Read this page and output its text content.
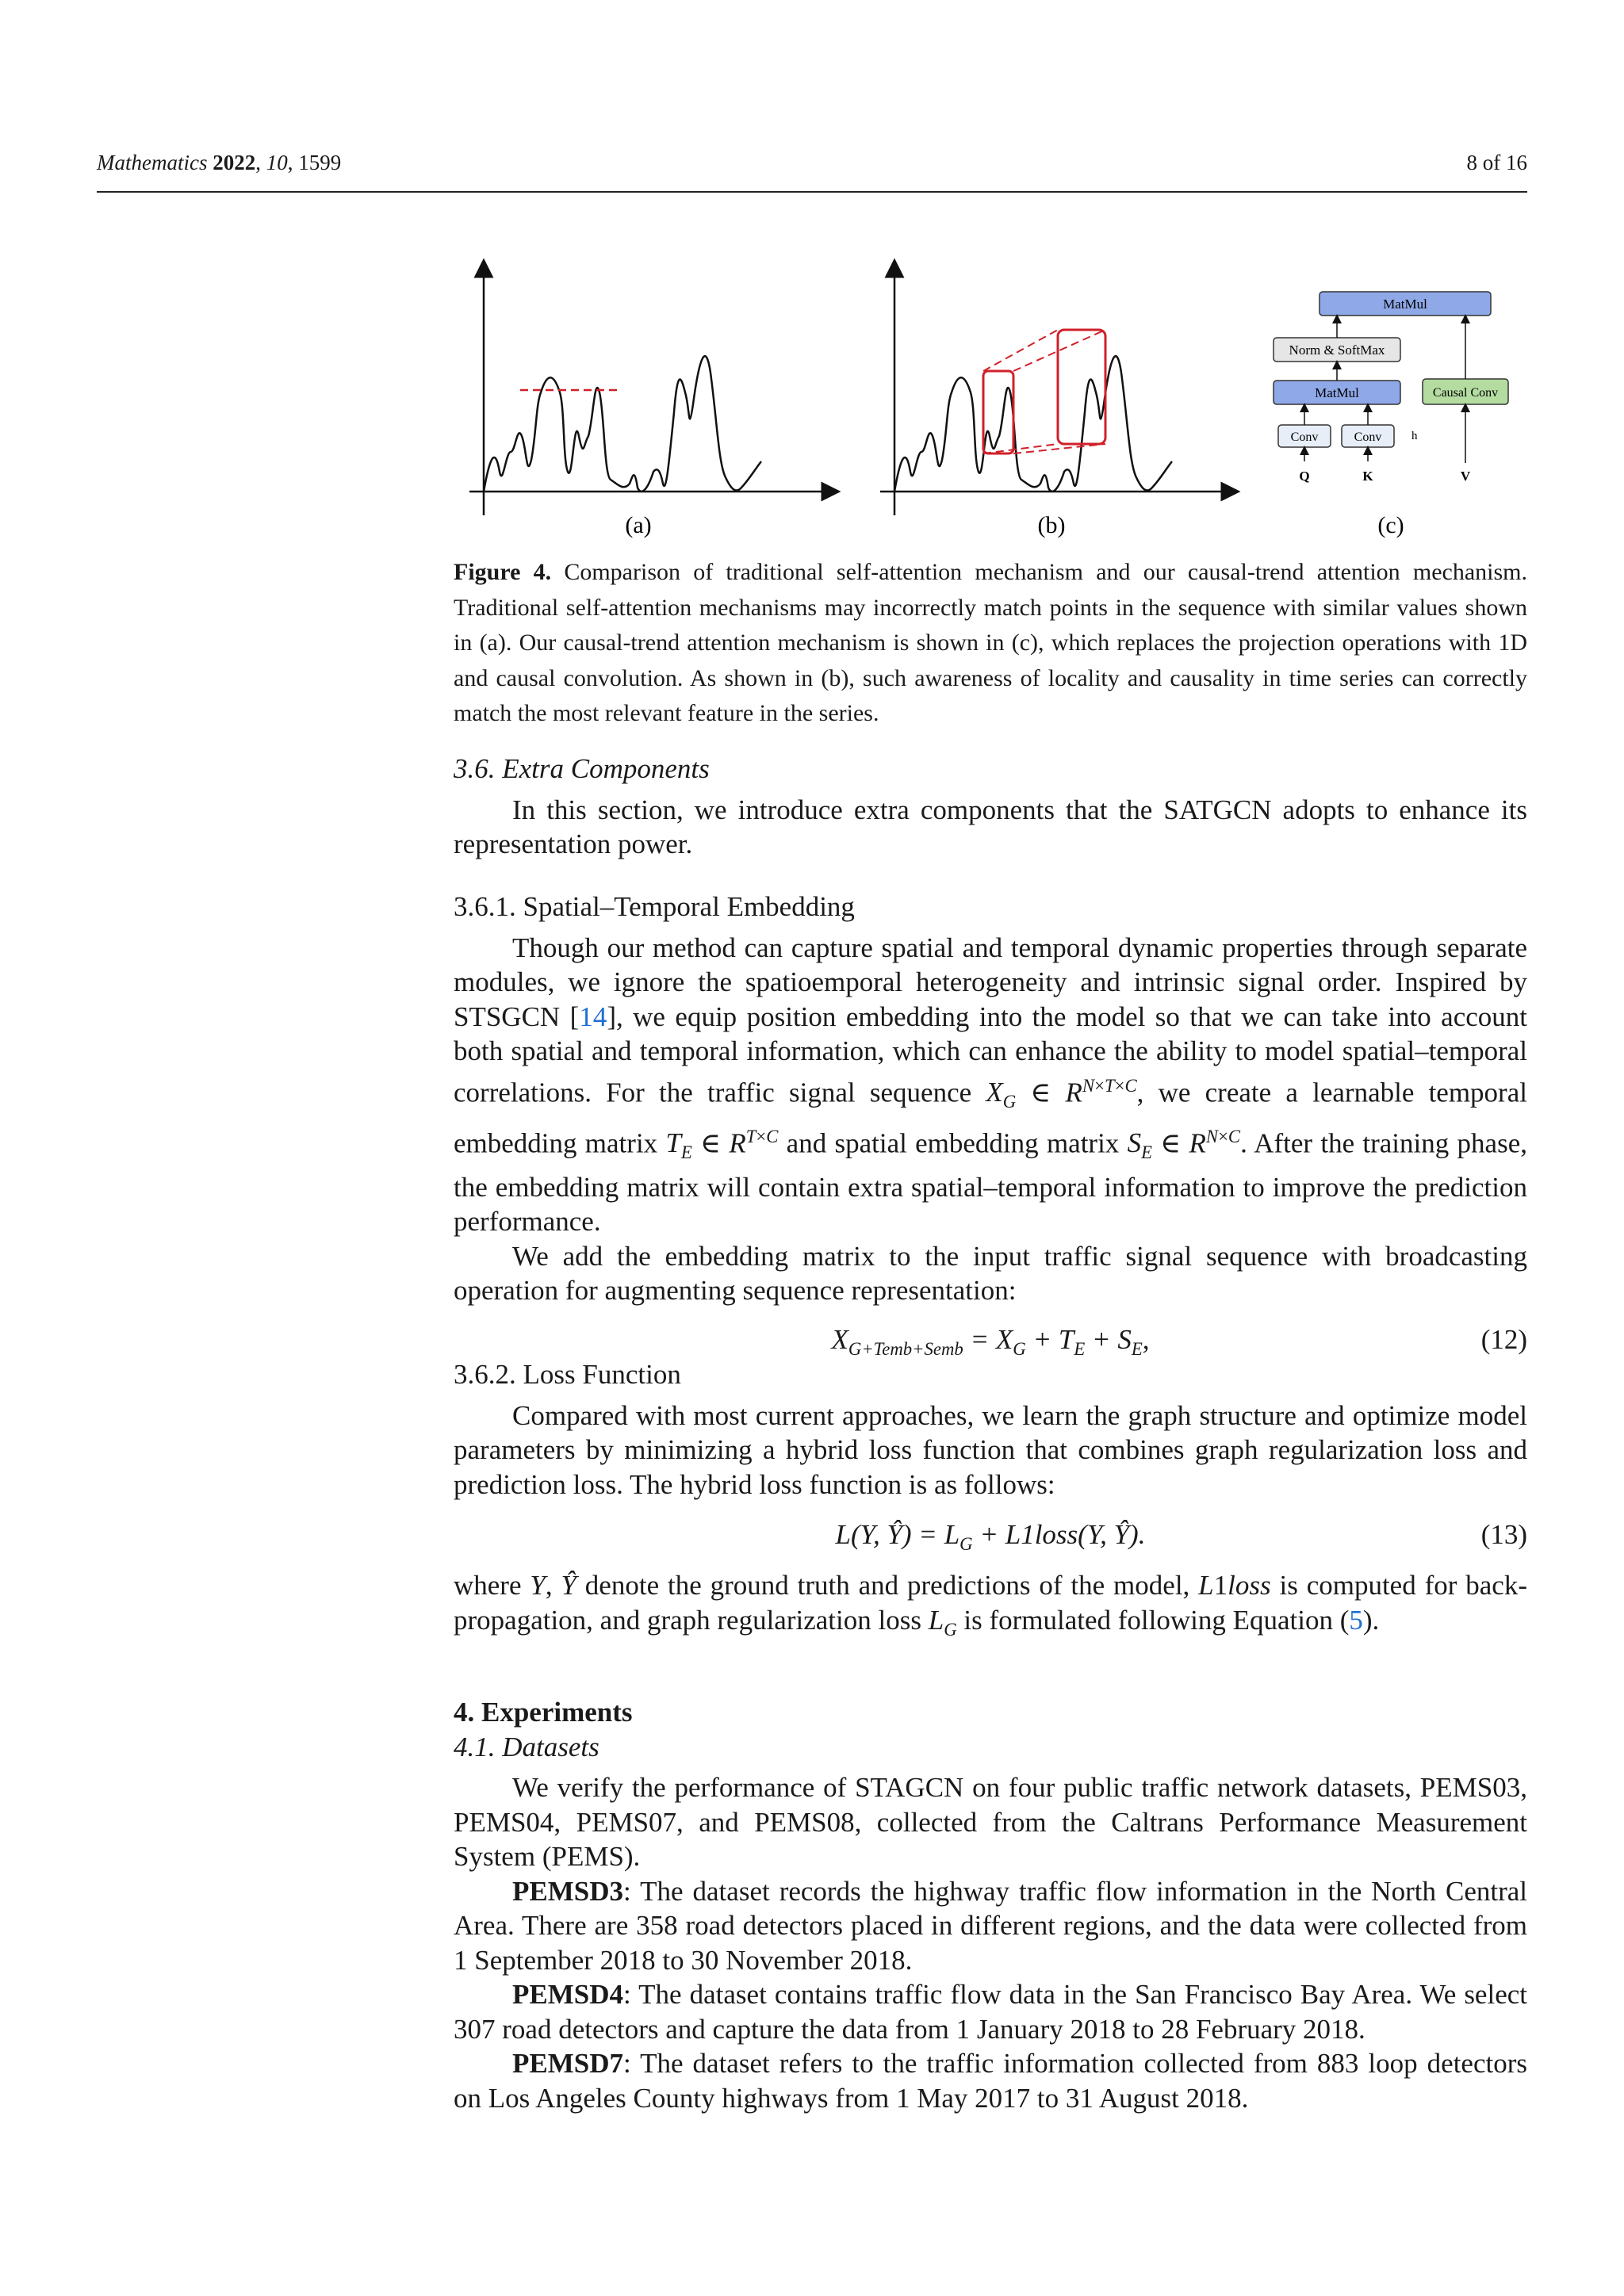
Mathematics 2022, 10, 1599	8 of 16
(a)	(b)
MatMul
Norm & SoftMax
MatMul	Causal Conv
Conv	Conv	h
Q	K	V
(c)

Figure 4. Comparison of traditional self-attention mechanism and our causal-trend attention mechanism. Traditional self-attention mechanisms may incorrectly match points in the sequence with similar values shown in (a). Our causal-trend attention mechanism is shown in (c), which replaces the projection operations with 1D and causal convolution. As shown in (b), such awareness of locality and causality in time series can correctly match the most relevant feature in the series.

3.6. Extra Components

In this section, we introduce extra components that the SATGCN adopts to enhance its representation power.

3.6.1. Spatial–Temporal Embedding

Though our method can capture spatial and temporal dynamic properties through separate modules, we ignore the spatioemporal heterogeneity and intrinsic signal order. Inspired by STSGCN [14], we equip position embedding into the model so that we can take into account both spatial and temporal information, which can enhance the ability to model spatial–temporal correlations. For the traffic signal sequence $X_G$ ∈ $R^{N\times T\times C}$, we create a learnable temporal embedding matrix $T_E$ ∈ $R^{T\times C}$ and spatial embedding matrix $S_E$ ∈ $R^{N\times C}$. After the training phase, the embedding matrix will contain extra spatial–temporal information to improve the prediction performance.

We add the embedding matrix to the input traffic signal sequence with broadcasting operation for augmenting sequence representation:

$X_{G+Temb+Semb} = X_G + T_E + S_E$,	(12)
3.6.2. Loss Function

Compared with most current approaches, we learn the graph structure and optimize model parameters by minimizing a hybrid loss function that combines graph regularization loss and prediction loss. The hybrid loss function is as follows:

L(Y, Ŷ) = $L_G$ + L1loss(Y, Ŷ).	(13)

where Y, Ŷ denote the ground truth and predictions of the model, L1loss is computed for back-propagation, and graph regularization loss $L_G$ is formulated following Equation (5).

4. Experiments
4.1. Datasets

We verify the performance of STAGCN on four public traffic network datasets, PEMS03, PEMS04, PEMS07, and PEMS08, collected from the Caltrans Performance Measurement System (PEMS).

PEMSD3: The dataset records the highway traffic flow information in the North Central Area. There are 358 road detectors placed in different regions, and the data were collected from 1 September 2018 to 30 November 2018.

PEMSD4: The dataset contains traffic flow data in the San Francisco Bay Area. We select 307 road detectors and capture the data from 1 January 2018 to 28 February 2018.

PEMSD7: The dataset refers to the traffic information collected from 883 loop detectors on Los Angeles County highways from 1 May 2017 to 31 August 2018.
